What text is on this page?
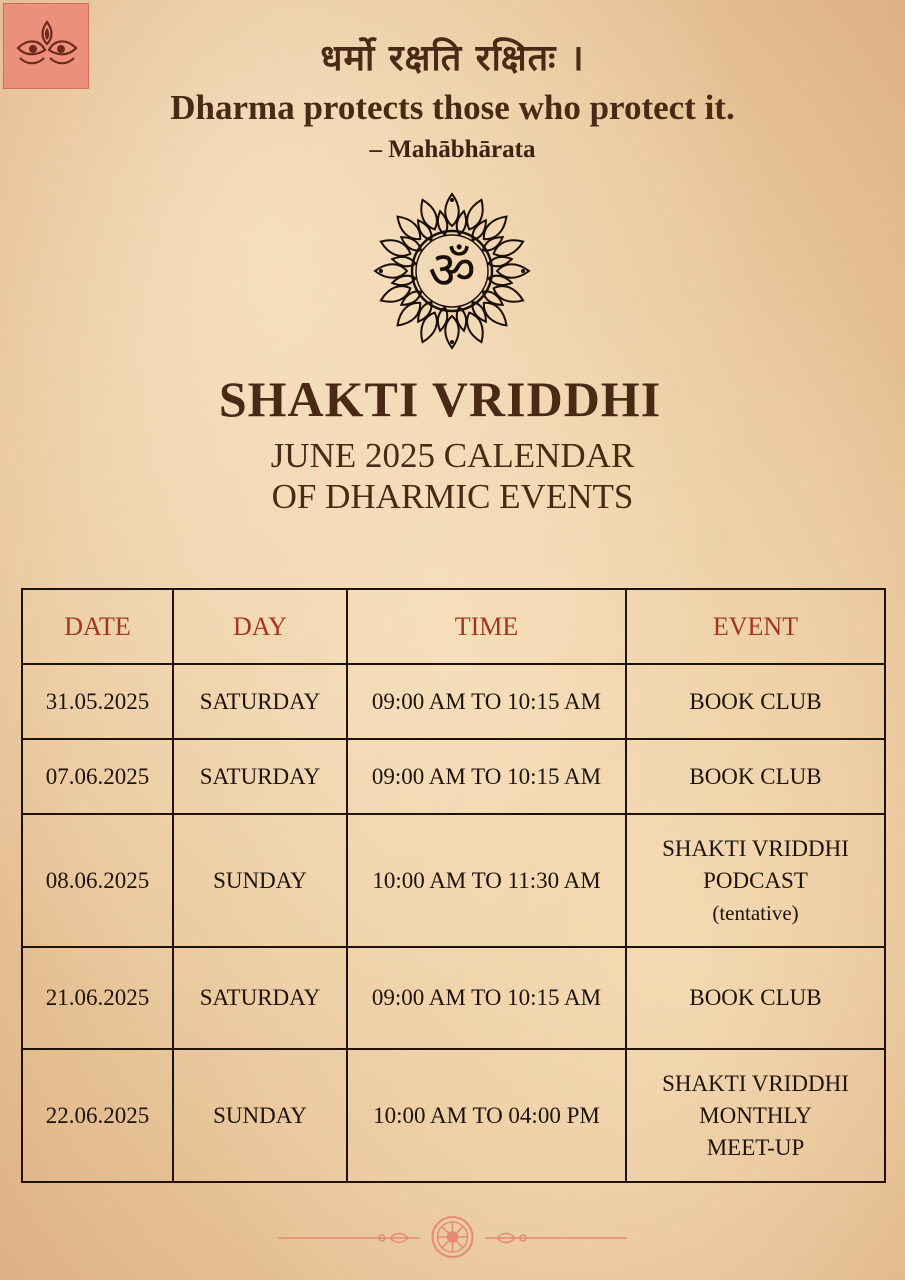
धर्मो रक्षति रक्षितः ।
Dharma protects those who protect it.
– Mahābhārata
ॐ
SHAKTI VRIDDHI
JUNE 2025 CALENDAR
OF DHARMIC EVENTS
DATE	DAY	TIME	EVENT
31.05.2025	SATURDAY	09:00 AM TO 10:15 AM	BOOK CLUB

07.06.2025	SATURDAY	09:00 AM TO 10:15 AM	BOOK CLUB

08.06.2025	SUNDAY	10:00 AM TO 11:30 AM	SHAKTI VRIDDHI
PODCAST
(tentative)

21.06.2025	SATURDAY	09:00 AM TO 10:15 AM	BOOK CLUB

22.06.2025	SUNDAY	10:00 AM TO 04:00 PM	SHAKTI VRIDDHI
MONTHLY
MEET-UP
